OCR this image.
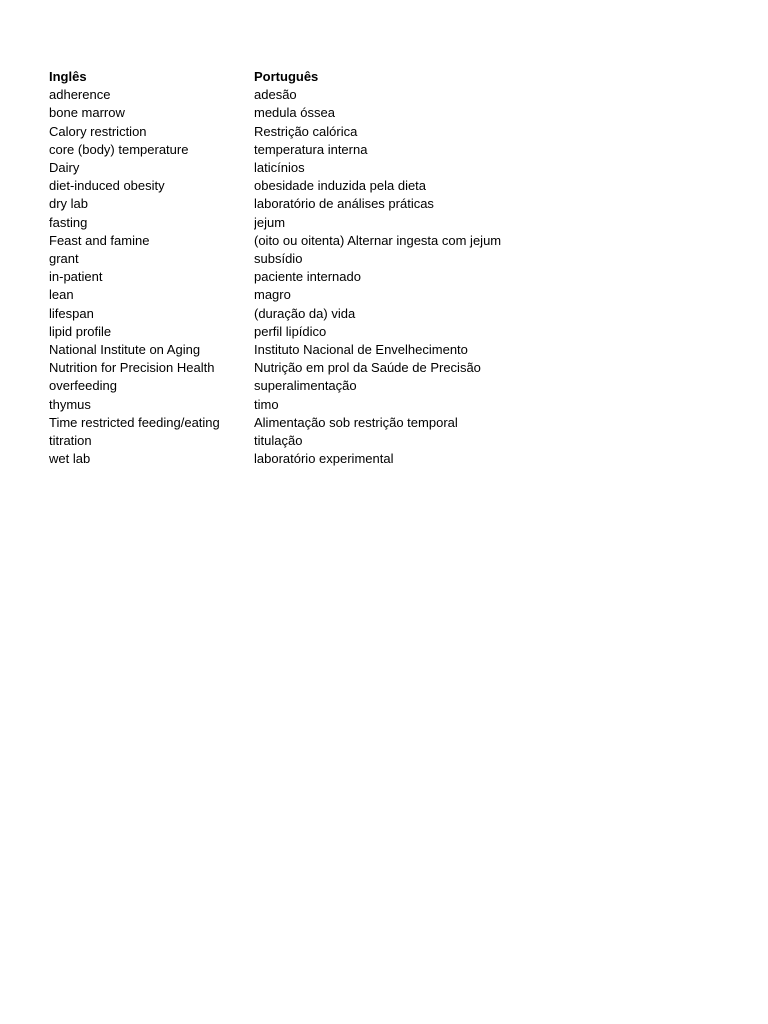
Inglês	Português
adherence	adesão
bone marrow	medula óssea
Calory restriction	Restrição calórica
core (body) temperature	temperatura interna
Dairy	laticínios
diet-induced obesity	obesidade induzida pela dieta
dry lab	laboratório de análises práticas
fasting	jejum
Feast and famine	(oito ou oitenta) Alternar ingesta com jejum
grant	subsídio
in-patient	paciente internado
lean	magro
lifespan	(duração da) vida
lipid profile	perfil lipídico
National Institute on Aging	Instituto Nacional de Envelhecimento
Nutrition for Precision Health	Nutrição em prol da Saúde de Precisão
overfeeding	superalimentação
thymus	timo
Time restricted feeding/eating	Alimentação sob restrição temporal
titration	titulação
wet lab	laboratório experimental
